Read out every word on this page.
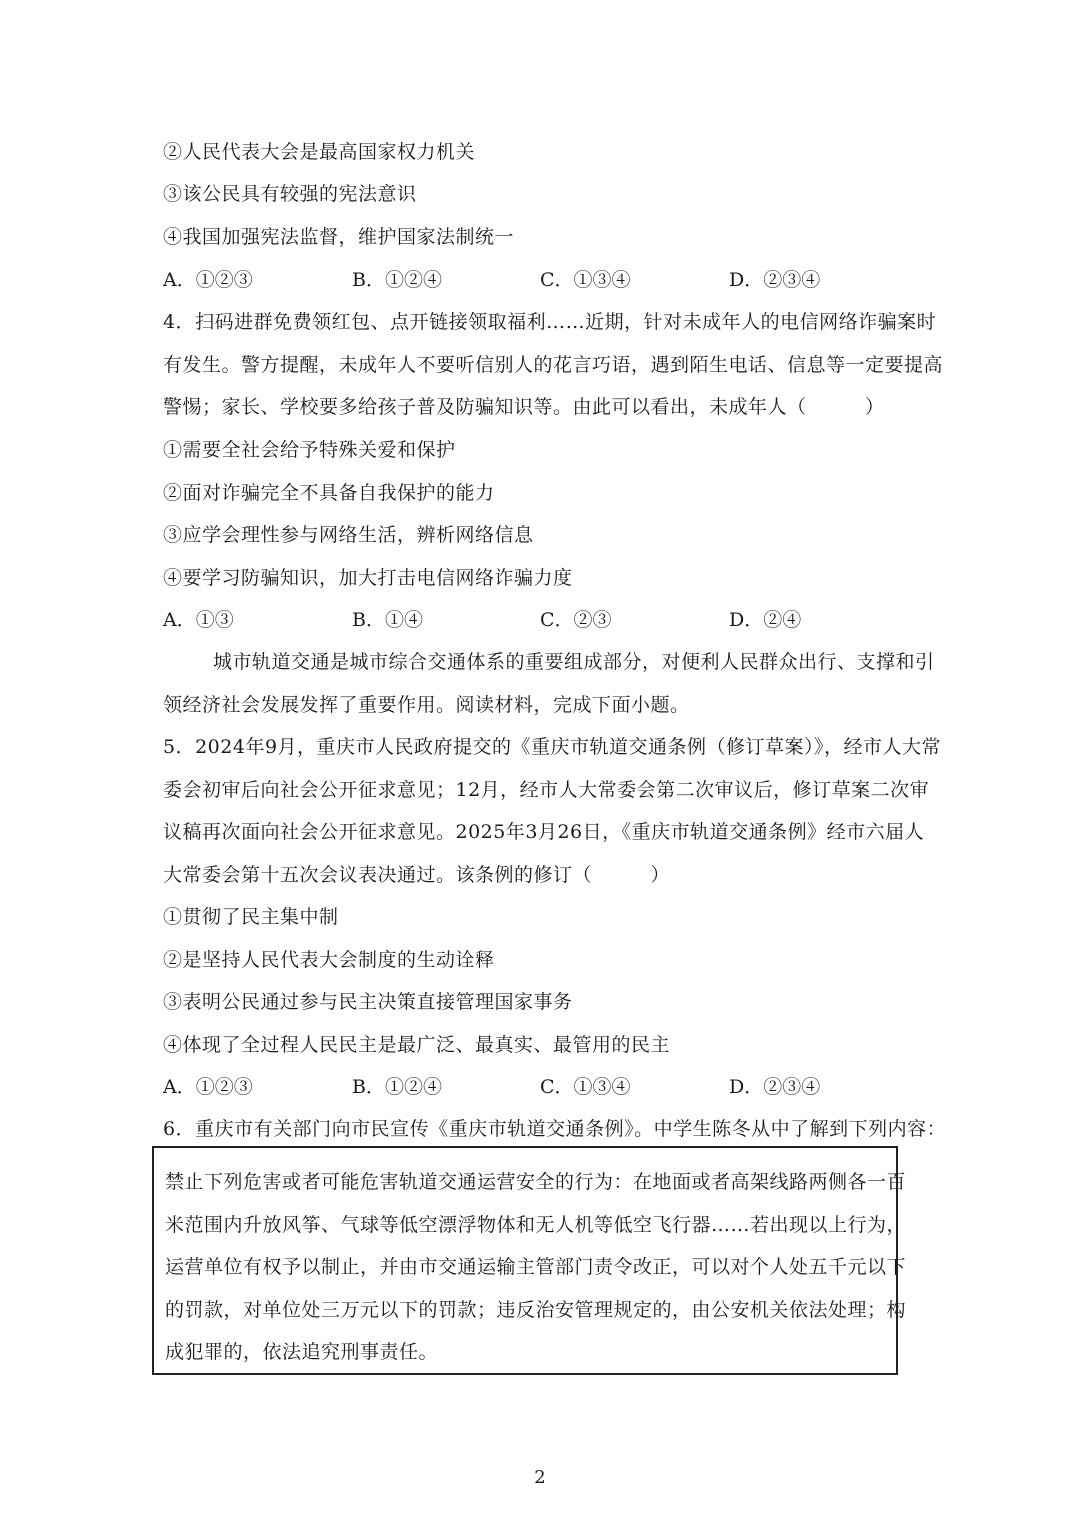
②人民代表大会是最高国家权力机关
③该公民具有较强的宪法意识
④我国加强宪法监督，维护国家法制统一
A．①②③	B．①②④	C．①③④	D．②③④
4．扫码进群免费领红包、点开链接领取福利……近期，针对未成年人的电信网络诈骗案时
有发生。警方提醒，未成年人不要听信别人的花言巧语，遇到陌生电话、信息等一定要提高
警惕；家长、学校要多给孩子普及防骗知识等。由此可以看出，未成年人（　　　）
①需要全社会给予特殊关爱和保护
②面对诈骗完全不具备自我保护的能力
③应学会理性参与网络生活，辨析网络信息
④要学习防骗知识，加大打击电信网络诈骗力度
A．①③	B．①④	C．②③	D．②④
城市轨道交通是城市综合交通体系的重要组成部分，对便利人民群众出行、支撑和引
领经济社会发展发挥了重要作用。阅读材料，完成下面小题。
5．2024年9月，重庆市人民政府提交的《重庆市轨道交通条例（修订草案）》，经市人大常
委会初审后向社会公开征求意见；12月，经市人大常委会第二次审议后，修订草案二次审
议稿再次面向社会公开征求意见。2025年3月26日，《重庆市轨道交通条例》经市六届人
大常委会第十五次会议表决通过。该条例的修订（　　　）
①贯彻了民主集中制
②是坚持人民代表大会制度的生动诠释
③表明公民通过参与民主决策直接管理国家事务
④体现了全过程人民民主是最广泛、最真实、最管用的民主
A．①②③	B．①②④	C．①③④	D．②③④
6．重庆市有关部门向市民宣传《重庆市轨道交通条例》。中学生陈冬从中了解到下列内容：
禁止下列危害或者可能危害轨道交通运营安全的行为：在地面或者高架线路两侧各一百
米范围内升放风筝、气球等低空漂浮物体和无人机等低空飞行器……若出现以上行为，
运营单位有权予以制止，并由市交通运输主管部门责令改正，可以对个人处五千元以下
的罚款，对单位处三万元以下的罚款；违反治安管理规定的，由公安机关依法处理；构
成犯罪的，依法追究刑事责任。
2
